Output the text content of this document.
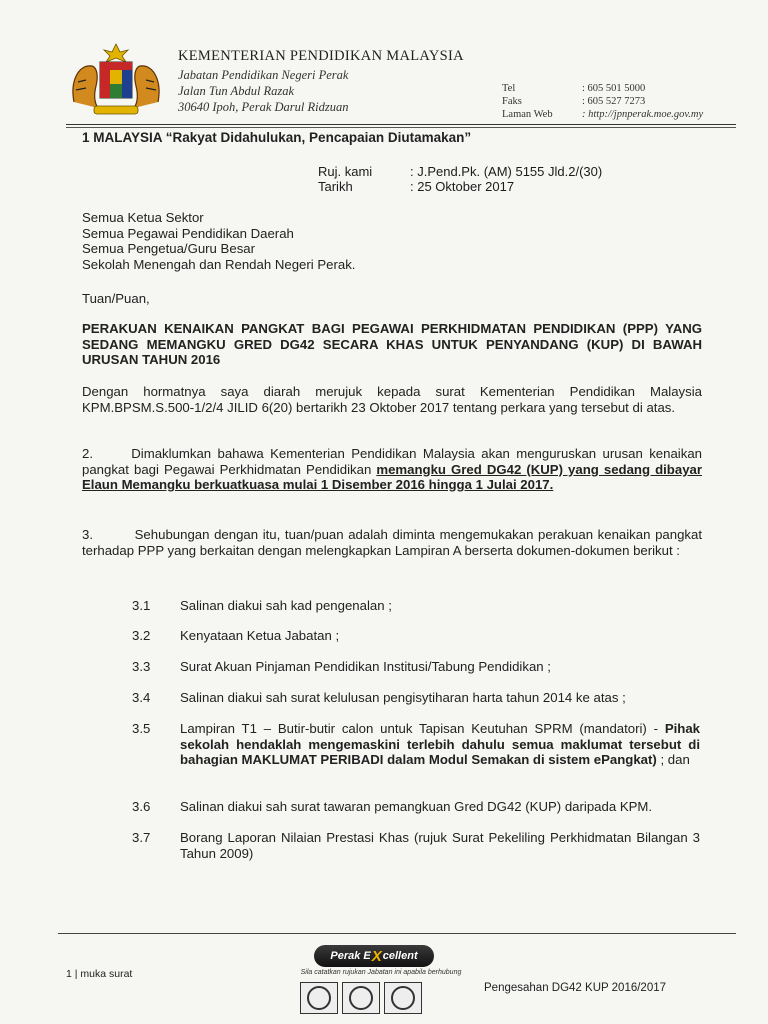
KEMENTERIAN PENDIDIKAN MALAYSIA
Jabatan Pendidikan Negeri Perak
Jalan Tun Abdul Razak
30640 Ipoh, Perak Darul Ridzuan
Tel	: 605 501 5000
Faks	: 605 527 7273
Laman Web	: http://jpnperak.moe.gov.my
1 MALAYSIA “Rakyat Didahulukan, Pencapaian Diutamakan”
Ruj. kami	: J.Pend.Pk. (AM) 5155 Jld.2/(30)
Tarikh	: 25 Oktober 2017
Semua Ketua Sektor
Semua Pegawai Pendidikan Daerah
Semua Pengetua/Guru Besar
Sekolah Menengah dan Rendah Negeri Perak.
Tuan/Puan,
PERAKUAN KENAIKAN PANGKAT BAGI PEGAWAI PERKHIDMATAN PENDIDIKAN (PPP) YANG SEDANG MEMANGKU GRED DG42 SECARA KHAS UNTUK PENYANDANG (KUP) DI BAWAH URUSAN TAHUN 2016
Dengan hormatnya saya diarah merujuk kepada surat Kementerian Pendidikan Malaysia KPM.BPSM.S.500-1/2/4 JILID 6(20) bertarikh 23 Oktober 2017 tentang perkara yang tersebut di atas.
2.	Dimaklumkan bahawa Kementerian Pendidikan Malaysia akan menguruskan urusan kenaikan pangkat bagi Pegawai Perkhidmatan Pendidikan memangku Gred DG42 (KUP) yang sedang dibayar Elaun Memangku berkuatkuasa mulai 1 Disember 2016 hingga 1 Julai 2017.
3.	Sehubungan dengan itu, tuan/puan adalah diminta mengemukakan perakuan kenaikan pangkat terhadap PPP yang berkaitan dengan melengkapkan Lampiran A berserta dokumen-dokumen berikut :
3.1	Salinan diakui sah kad pengenalan ;
3.2	Kenyataan Ketua Jabatan ;
3.3	Surat Akuan Pinjaman Pendidikan Institusi/Tabung Pendidikan ;
3.4	Salinan diakui sah surat kelulusan pengisytiharan harta tahun 2014 ke atas ;
3.5	Lampiran T1 – Butir-butir calon untuk Tapisan Keutuhan SPRM (mandatori) - Pihak sekolah hendaklah mengemaskini terlebih dahulu semua maklumat tersebut di bahagian MAKLUMAT PERIBADI dalam Modul Semakan di sistem ePangkat) ; dan
3.6	Salinan diakui sah surat tawaran pemangkuan Gred DG42 (KUP) daripada KPM.
3.7	Borang Laporan Nilaian Prestasi Khas (rujuk Surat Pekeliling Perkhidmatan Bilangan 3 Tahun 2009)
Perak
E X cellent
Sila catatkan rujukan Jabatan ini apabila berhubung
1 | muka surat
Pengesahan DG42 KUP 2016/2017
